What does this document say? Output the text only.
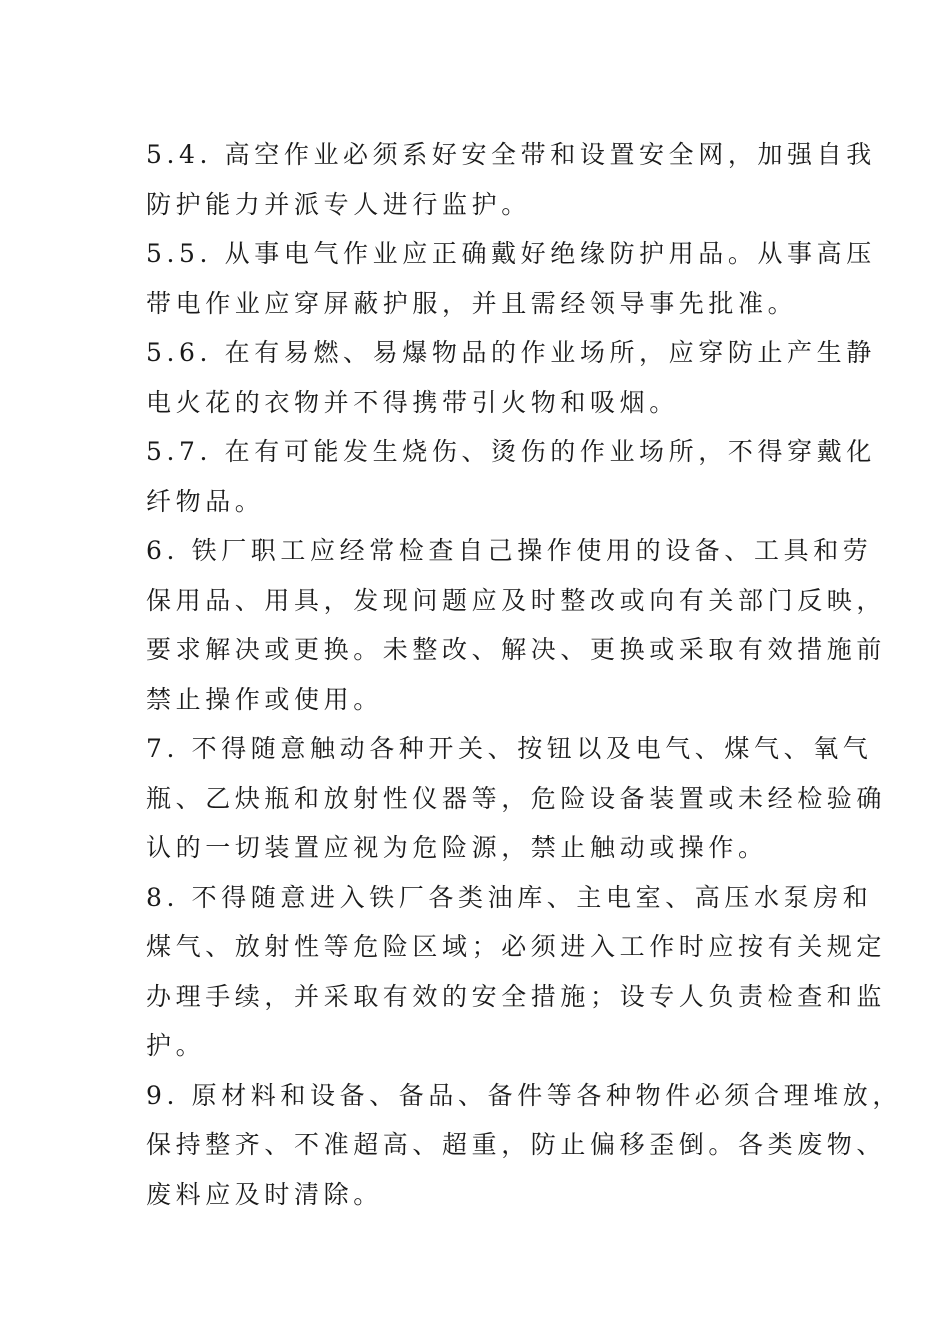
5.4. 高空作业必须系好安全带和设置安全网，加强自我
防护能力并派专人进行监护。
5.5. 从事电气作业应正确戴好绝缘防护用品。从事高压
带电作业应穿屏蔽护服，并且需经领导事先批准。
5.6. 在有易燃、易爆物品的作业场所，应穿防止产生静
电火花的衣物并不得携带引火物和吸烟。
5.7. 在有可能发生烧伤、烫伤的作业场所，不得穿戴化
纤物品。
6. 铁厂职工应经常检查自己操作使用的设备、工具和劳
保用品、用具，发现问题应及时整改或向有关部门反映，
要求解决或更换。未整改、解决、更换或采取有效措施前
禁止操作或使用。
7. 不得随意触动各种开关、按钮以及电气、煤气、氧气
瓶、乙炔瓶和放射性仪器等，危险设备装置或未经检验确
认的一切装置应视为危险源，禁止触动或操作。
8. 不得随意进入铁厂各类油库、主电室、高压水泵房和
煤气、放射性等危险区域；必须进入工作时应按有关规定
办理手续，并采取有效的安全措施；设专人负责检查和监
护。
9. 原材料和设备、备品、备件等各种物件必须合理堆放，
保持整齐、不准超高、超重，防止偏移歪倒。各类废物、
废料应及时清除。
